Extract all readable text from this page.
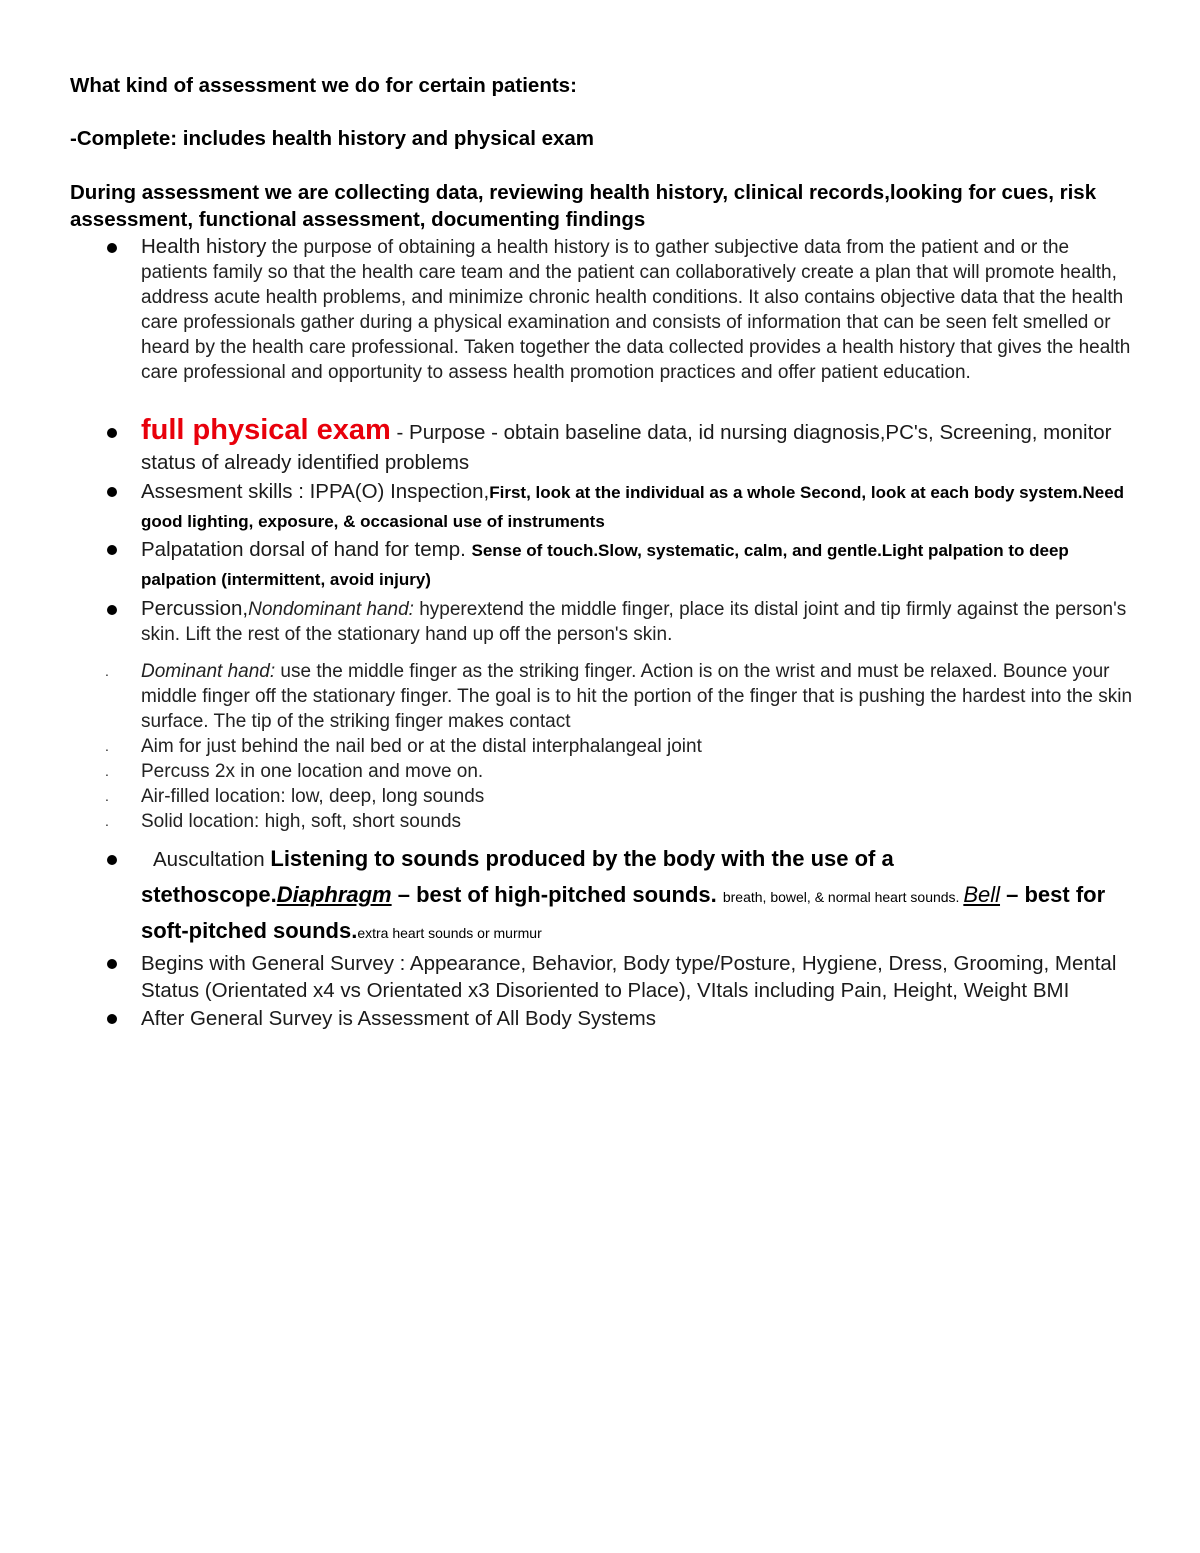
What kind of assessment we do for certain patients:

-Complete: includes health history and physical exam

During assessment we are collecting data, reviewing health history, clinical records,looking for cues, risk assessment, functional assessment, documenting findings

Health history the purpose of obtaining a health history is to gather subjective data from the patient and or the patients family so that the health care team and the patient can collaboratively create a plan that will promote health, address acute health problems, and minimize chronic health conditions. It also contains objective data that the health care professionals gather during a physical examination and consists of information that can be seen felt smelled or heard by the health care professional. Taken together the data collected provides a health history that gives the health care professional and opportunity to assess health promotion practices and offer patient education.
full physical exam - Purpose - obtain baseline data, id nursing diagnosis,PC's, Screening, monitor status of already identified problems
Assesment skills : IPPA(O) Inspection,First, look at the individual as a whole Second, look at each body system.Need good lighting, exposure, & occasional use of instruments
Palpatation dorsal of hand for temp. Sense of touch.Slow, systematic, calm, and gentle.Light palpation to deep palpation (intermittent, avoid injury)
Percussion,Nondominant hand: hyperextend the middle finger, place its distal joint and tip firmly against the person's skin. Lift the rest of the stationary hand up off the person's skin.
. Dominant hand: use the middle finger as the striking finger. Action is on the wrist and must be relaxed. Bounce your middle finger off the stationary finger. The goal is to hit the portion of the finger that is pushing the hardest into the skin surface. The tip of the striking finger makes contact
. Aim for just behind the nail bed or at the distal interphalangeal joint
. Percuss 2x in one location and move on.
. Air-filled location: low, deep, long sounds
. Solid location: high, soft, short sounds
Auscultation Listening to sounds produced by the body with the use of a stethoscope.Diaphragm – best of high-pitched sounds. breath, bowel, & normal heart sounds. Bell – best for soft-pitched sounds.extra heart sounds or murmur
Begins with General Survey : Appearance, Behavior, Body type/Posture, Hygiene, Dress, Grooming, Mental Status (Orientated x4 vs Orientated x3 Disoriented to Place), VItals including Pain, Height, Weight BMI
After General Survey is Assessment of All Body Systems
